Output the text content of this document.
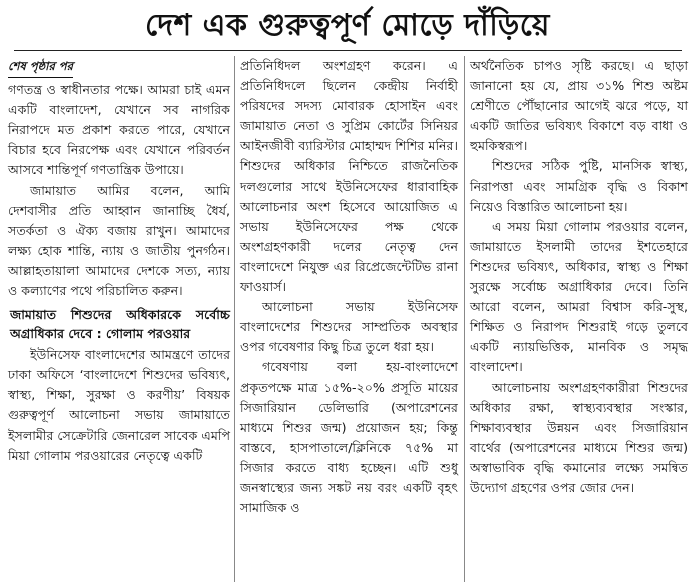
দেশ এক গুরুত্বপূর্ণ মোড়ে দাঁড়িয়ে
শেষ পৃষ্ঠার পর

গণতন্ত্র ও স্বাধীনতার পক্ষে। আমরা চাই এমন একটি বাংলাদেশ, যেখানে সব নাগরিক নিরাপদে মত প্রকাশ করতে পারে, যেখানে বিচার হবে নিরপেক্ষ এবং যেখানে পরিবর্তন আসবে শান্তিপূর্ণ গণতান্ত্রিক উপায়ে।

জামায়াত আমির বলেন, আমি দেশবাসীর প্রতি আহ্বান জানাচ্ছি ধৈর্য, সতর্কতা ও ঐক্য বজায় রাখুন। আমাদের লক্ষ্য হোক শান্তি, ন্যায় ও জাতীয় পুনর্গঠন। আল্লাহতায়ালা আমাদের দেশকে সত্য, ন্যায় ও কল্যাণের পথে পরিচালিত করুন।

জামায়াত শিশুদের অধিকারকে সর্বোচ্চ অগ্রাধিকার দেবে : গোলাম পরওয়ার

ইউনিসেফ বাংলাদেশের আমন্ত্রণে তাদের ঢাকা অফিসে ‘বাংলাদেশে শিশুদের ভবিষ্যৎ, স্বাস্থ্য, শিক্ষা, সুরক্ষা ও করণীয়’ বিষয়ক গুরুত্বপূর্ণ আলোচনা সভায় জামায়াতে ইসলামীর সেক্রেটারি জেনারেল সাবেক এমপি মিয়া গোলাম পরওয়ারের নেতৃত্বে একটি

প্রতিনিধিদল অংশগ্রহণ করেন। এ প্রতিনিধিদলে ছিলেন কেন্দ্রীয় নির্বাহী পরিষদের সদস্য মোবারক হোসাইন এবং জামায়াত নেতা ও সুপ্রিম কোর্টের সিনিয়র আইনজীবী ব্যারিস্টার মোহাম্মদ শিশির মনির। শিশুদের অধিকার নিশ্চিতে রাজনৈতিক দলগুলোর সাথে ইউনিসেফের ধারাবাহিক আলোচনার অংশ হিসেবে আয়োজিত এ সভায় ইউনিসেফের পক্ষ থেকে অংশগ্রহণকারী দলের নেতৃত্ব দেন বাংলাদেশে নিযুক্ত এর রিপ্রেজেন্টেটিভ রানা ফাওয়ার্স।

আলোচনা সভায় ইউনিসেফ বাংলাদেশের শিশুদের সাম্প্রতিক অবস্থার ওপর গবেষণার কিছু চিত্র তুলে ধরা হয়।

গবেষণায় বলা হয়-বাংলাদেশে প্রকৃতপক্ষে মাত্র ১৫%-২০% প্রসূতি মায়ের সিজারিয়ান ডেলিভারি (অপারেশনের মাধ্যমে শিশুর জন্ম) প্রয়োজন হয়; কিন্তু বাস্তবে, হাসপাতালে/ক্লিনিকে ৭৫% মা সিজার করতে বাধ্য হচ্ছেন। এটি শুধু জনস্বাস্থ্যের জন্য সঙ্কট নয় বরং একটি বৃহৎ সামাজিক ও

অর্থনৈতিক চাপও সৃষ্টি করছে। এ ছাড়া জানানো হয় যে, প্রায় ৩১% শিশু অষ্টম শ্রেণীতে পৌঁছানোর আগেই ঝরে পড়ে, যা একটি জাতির ভবিষ্যৎ বিকাশে বড় বাধা ও হুমকিস্বরূপ।

শিশুদের সঠিক পুষ্টি, মানসিক স্বাস্থ্য, নিরাপত্তা এবং সামগ্রিক বৃদ্ধি ও বিকাশ নিয়েও বিস্তারিত আলোচনা হয়।

এ সময় মিয়া গোলাম পরওয়ার বলেন, জামায়াতে ইসলামী তাদের ইশতেহারে শিশুদের ভবিষ্যৎ, অধিকার, স্বাস্থ্য ও শিক্ষা সুরক্ষে সর্বোচ্চ অগ্রাধিকার দেবে। তিনি আরো বলেন, আমরা বিশ্বাস করি-সুস্থ, শিক্ষিত ও নিরাপদ শিশুরাই গড়ে তুলবে একটি ন্যায়ভিত্তিক, মানবিক ও সমৃদ্ধ বাংলাদেশ।

আলোচনায় অংশগ্রহণকারীরা শিশুদের অধিকার রক্ষা, স্বাস্থ্যব্যবস্থার সংস্কার, শিক্ষাব্যবস্থার উন্নয়ন এবং সিজারিয়ান বার্থের (অপারেশনের মাধ্যমে শিশুর জন্ম) অস্বাভাবিক বৃদ্ধি কমানোর লক্ষ্যে সমন্বিত উদ্যোগ গ্রহণের ওপর জোর দেন।
